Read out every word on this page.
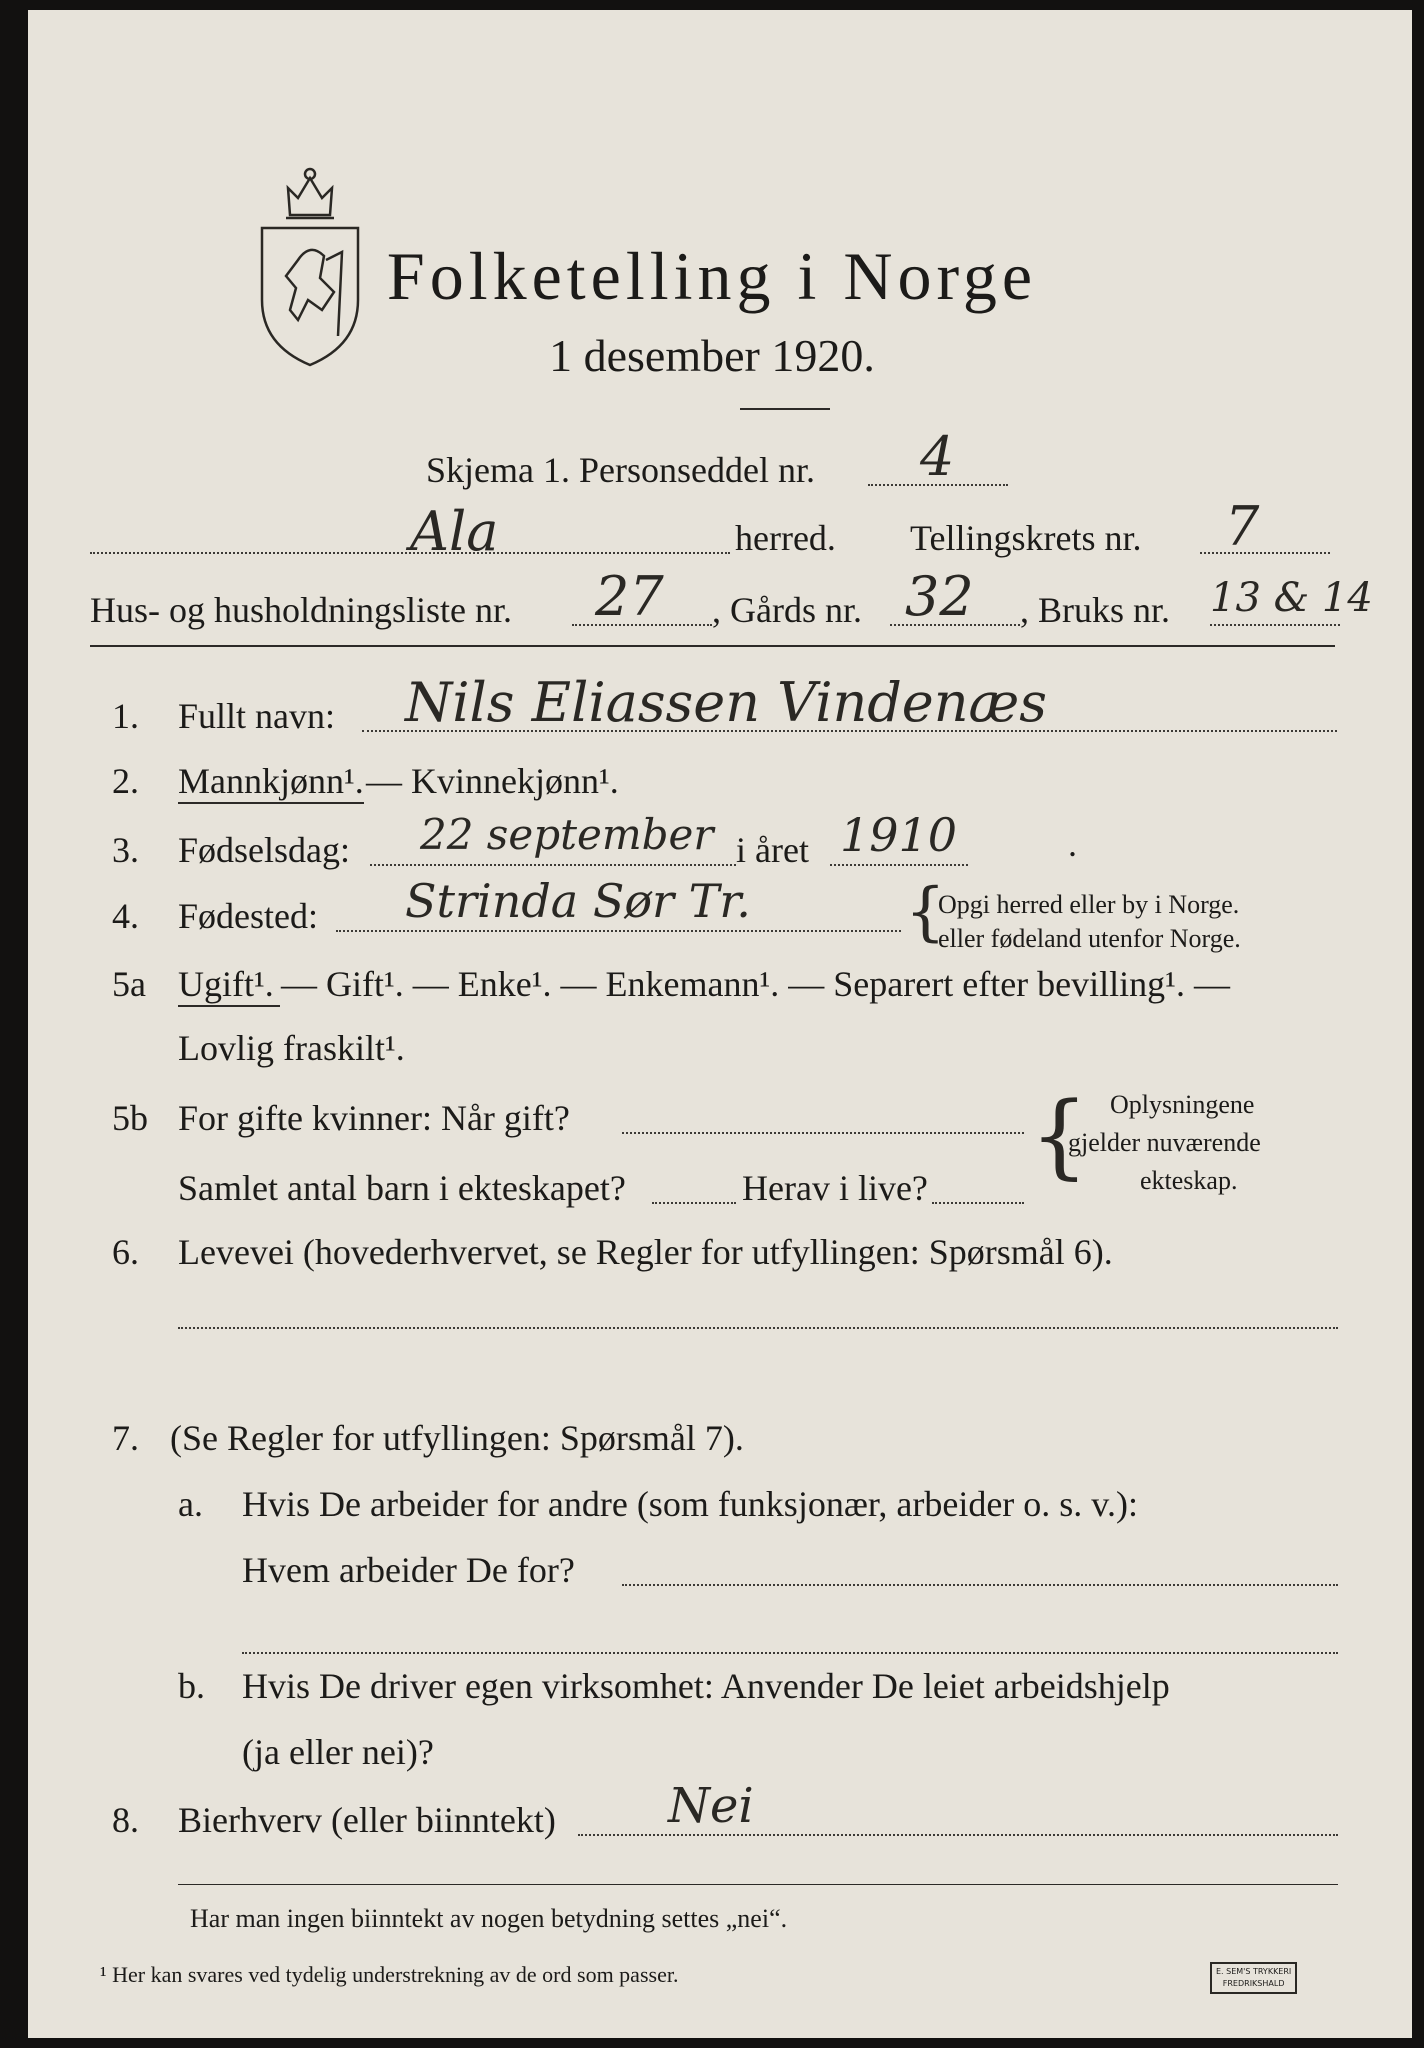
Folketelling i Norge
1 desember 1920.
Skjema 1. Personseddel nr. 4
Ala	herred. Tellingskrets nr. 7
Hus- og husholdningsliste nr. 27 , Gårds nr. 32 , Bruks nr. 13 & 14
1. Fullt navn: Nils Eliassen Vindenæs
2. Mannkjønn¹. — Kvinnekjønn¹.
3. Fødselsdag: 22 september i året 1910	.
4. Fødested: Strinda Sør Tr. {
Opgi herred eller by i Norge.
eller fødeland utenfor Norge.
5a Ugift¹. — Gift¹. — Enke¹. — Enkemann¹. — Separert efter bevilling¹. —
Lovlig fraskilt¹.
5b For gifte kvinner: Når gift?
Samlet antal barn i ekteskapet?	Herav i live? { Oplysningene
gjelder nuværende
ekteskap.
6. Levevei (hovederhvervet, se Regler for utfyllingen: Spørsmål 6).
7. (Se Regler for utfyllingen: Spørsmål 7).
a. Hvis De arbeider for andre (som funksjonær, arbeider o. s. v.):
Hvem arbeider De for?
b. Hvis De driver egen virksomhet: Anvender De leiet arbeidshjelp
(ja eller nei)?
8. Bierhverv (eller biinntekt) Nei
Har man ingen biinntekt av nogen betydning settes „nei“.
¹ Her kan svares ved tydelig understrekning av de ord som passer.	E. SEM'S TRYKKERI
FREDRIKSHALD
